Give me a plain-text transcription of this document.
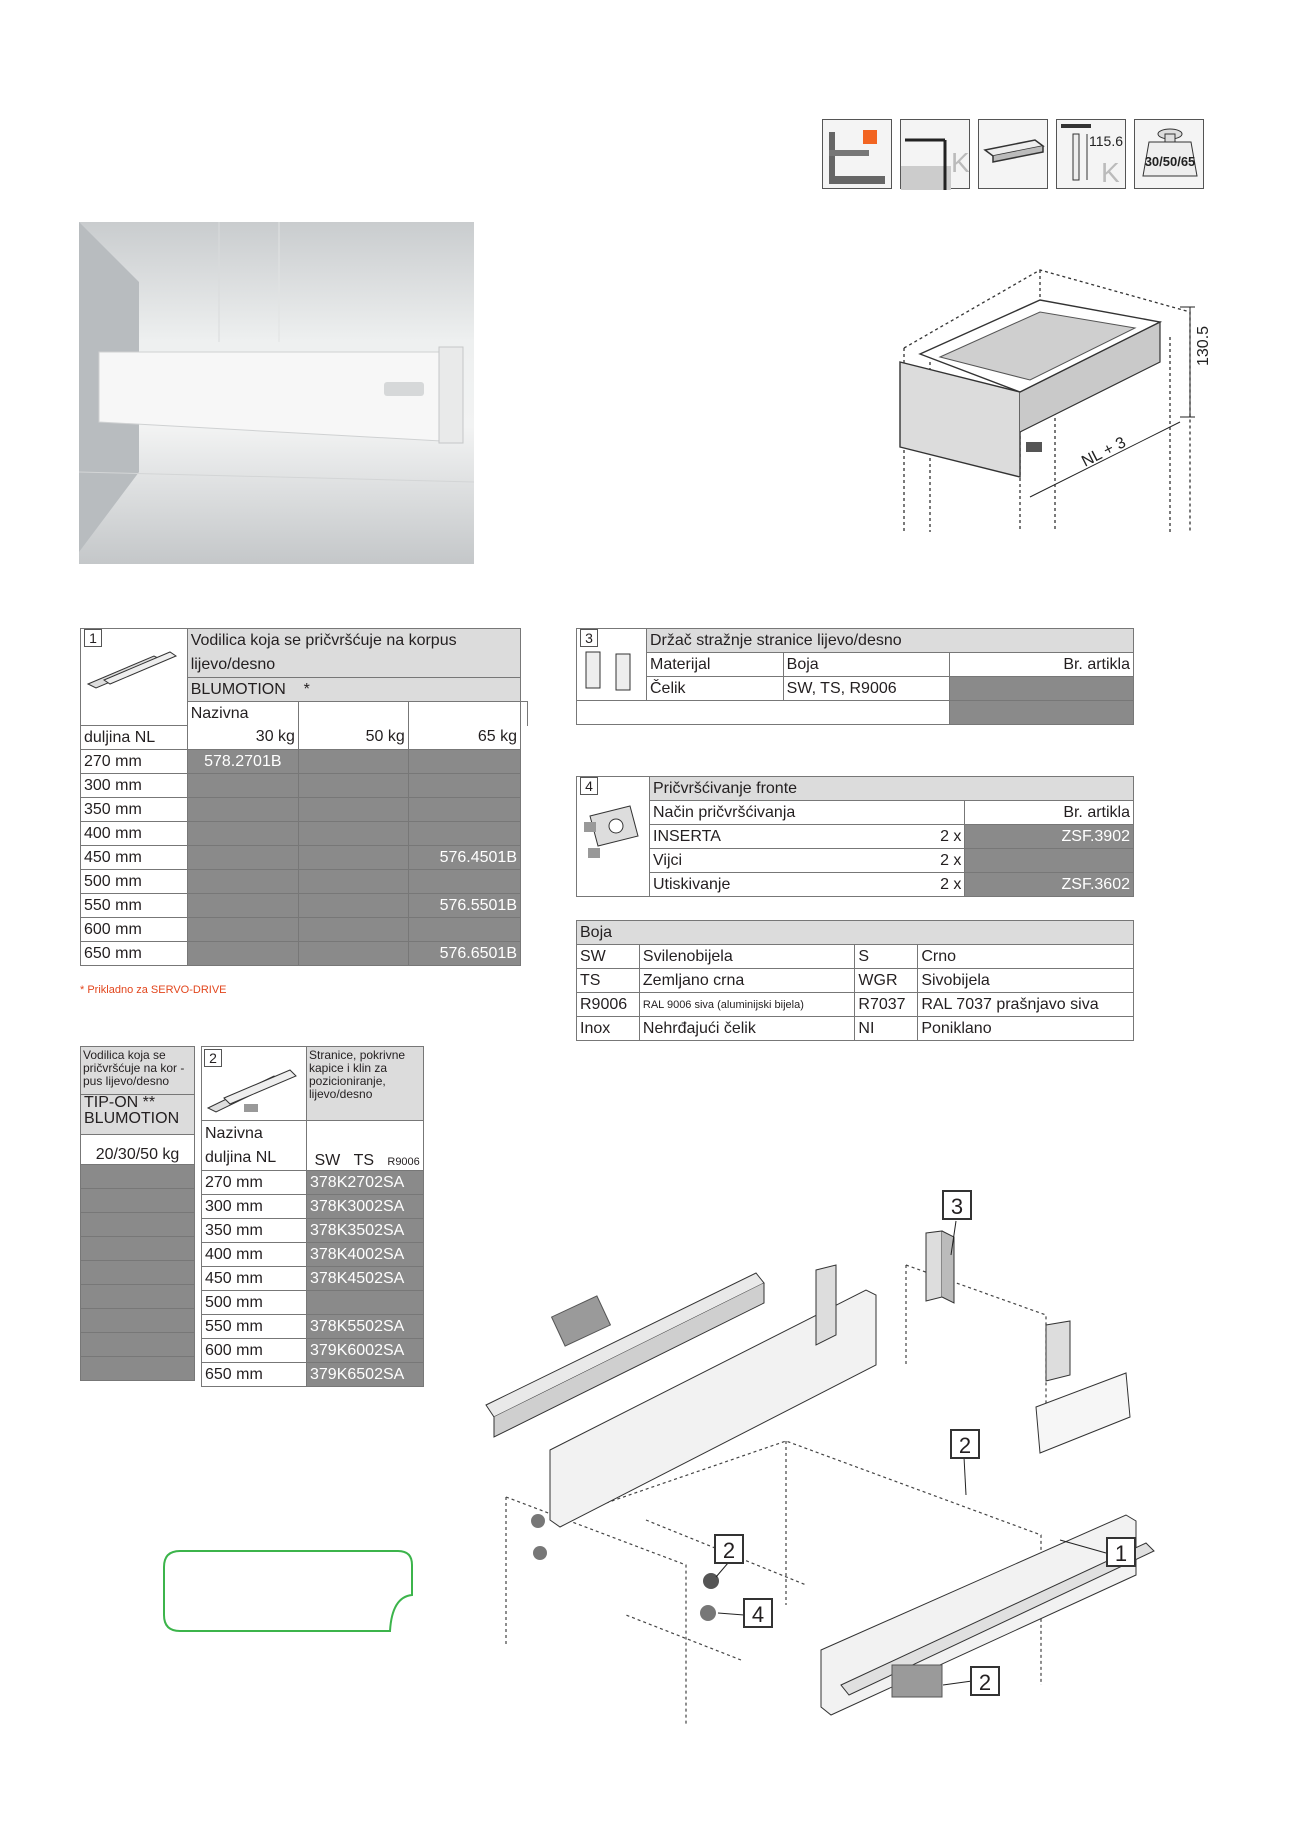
K
115.6
K 30/50/65
130.5
NL + 3
1	Vodilica koja se pričvršćuje na korpus lijevo/desno			
	BLUMOTION *			
	Nazivna			
duljina NL	30 kg	50 kg	65 kg	
270 mm	578.2701B			
300 mm				
350 mm				
400 mm				
450 mm			576.4501B	
500 mm				
550 mm			576.5501B	
600 mm				
650 mm			576.6501B	
* Prikladno za SERVO-DRIVE
3	Držač stražnje stranice lijevo/desno		
	Materijal	Boja	Br. artikla
	Čelik	SW, TS, R9006	

4	Pričvršćivanje fronte	
	Način pričvršćivanja	Br. artikla
	INSERTA 2 x	ZSF.3902
	Vijci 2 x	

	Utiskivanje 2 x	ZSF.3602
Boja			
SW	Svilenobijela	S	Crno
TS	Zemljano crna	WGR	Sivobijela
R9006	RAL 9006 siva (aluminijski bijela)	R7037	RAL 7037 prašnjavo siva
Inox	Nehrđajući čelik	NI	Poniklano
Vodilica koja se pričvršćuje na kor - pus lijevo/desno

TIP-ON **
BLUMOTION

20/30/50 kg

2	Stranice, pokrivne kapice i klin za pozicioniranje, lijevo/desno

Nazivna
duljina NL	SW TS R9006
270 mm	378K2702SA
300 mm	378K3002SA
350 mm	378K3502SA
400 mm	378K4002SA
450 mm	378K4502SA
500 mm	
550 mm	378K5502SA
600 mm	379K6002SA
650 mm	379K6502SA
3
2
2
4
1
2
